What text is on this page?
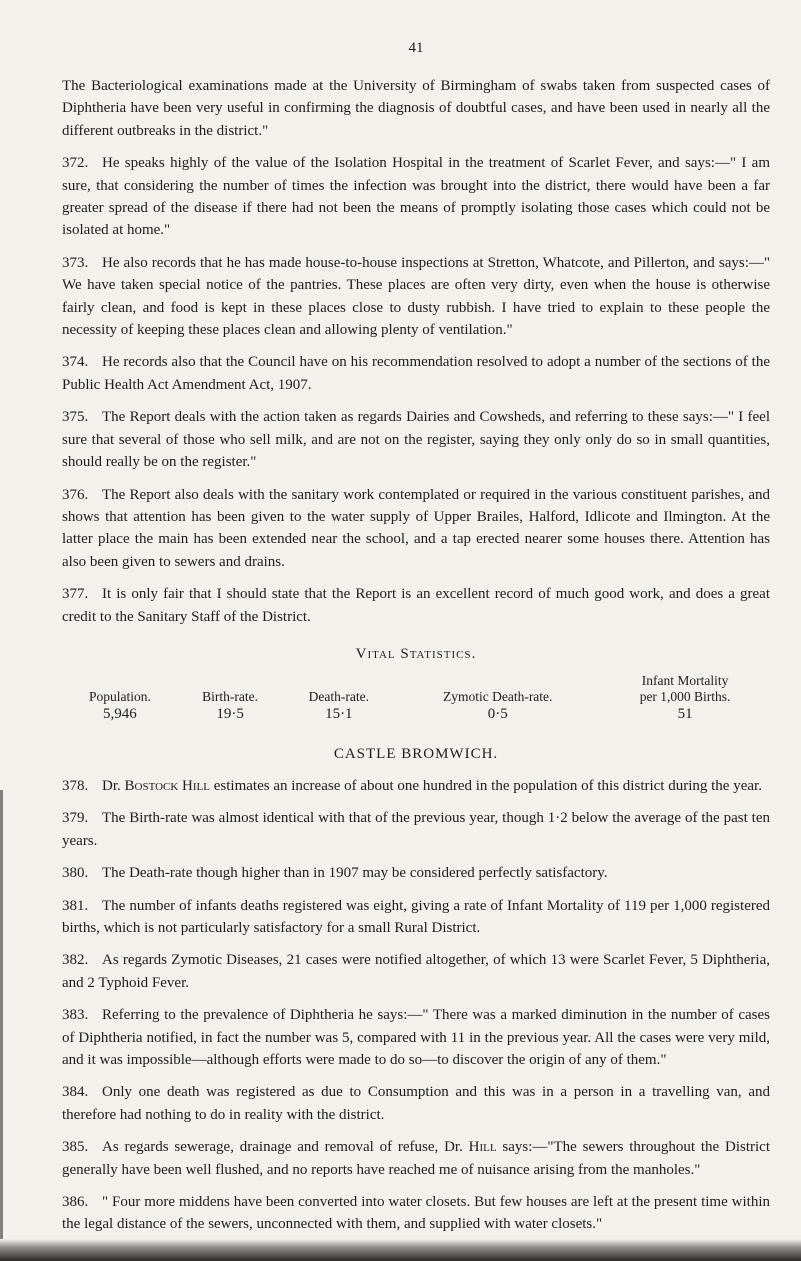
41

The Bacteriological examinations made at the University of Birmingham of swabs taken from suspected cases of Diphtheria have been very useful in confirming the diagnosis of doubtful cases, and have been used in nearly all the different outbreaks in the district."

372. He speaks highly of the value of the Isolation Hospital in the treatment of Scarlet Fever, and says:—" I am sure, that considering the number of times the infection was brought into the district, there would have been a far greater spread of the disease if there had not been the means of promptly isolating those cases which could not be isolated at home."

373. He also records that he has made house-to-house inspections at Stretton, Whatcote, and Pillerton, and says:—" We have taken special notice of the pantries. These places are often very dirty, even when the house is otherwise fairly clean, and food is kept in these places close to dusty rubbish. I have tried to explain to these people the necessity of keeping these places clean and allowing plenty of ventilation."

374. He records also that the Council have on his recommendation resolved to adopt a number of the sections of the Public Health Act Amendment Act, 1907.

375. The Report deals with the action taken as regards Dairies and Cowsheds, and referring to these says:—" I feel sure that several of those who sell milk, and are not on the register, saying they only only do so in small quantities, should really be on the register."

376. The Report also deals with the sanitary work contemplated or required in the various constituent parishes, and shows that attention has been given to the water supply of Upper Brailes, Halford, Idlicote and Ilmington. At the latter place the main has been extended near the school, and a tap erected nearer some houses there. Attention has also been given to sewers and drains.

377. It is only fair that I should state that the Report is an excellent record of much good work, and does a great credit to the Sanitary Staff of the District.

Vital Statistics.
				Infant Mortality
Population.	Birth-rate.	Death-rate.	Zymotic Death-rate.	per 1,000 Births.
5,946	19·5	15·1	0·5	51
CASTLE BROMWICH.

378. Dr. Bostock Hill estimates an increase of about one hundred in the population of this district during the year.

379. The Birth-rate was almost identical with that of the previous year, though 1·2 below the average of the past ten years.

380. The Death-rate though higher than in 1907 may be considered perfectly satisfactory.

381. The number of infants deaths registered was eight, giving a rate of Infant Mortality of 119 per 1,000 registered births, which is not particularly satisfactory for a small Rural District.

382. As regards Zymotic Diseases, 21 cases were notified altogether, of which 13 were Scarlet Fever, 5 Diphtheria, and 2 Typhoid Fever.

383. Referring to the prevalence of Diphtheria he says:—" There was a marked diminution in the number of cases of Diphtheria notified, in fact the number was 5, compared with 11 in the previous year. All the cases were very mild, and it was impossible—although efforts were made to do so—to discover the origin of any of them."

384. Only one death was registered as due to Consumption and this was in a person in a travelling van, and therefore had nothing to do in reality with the district.

385. As regards sewerage, drainage and removal of refuse, Dr. Hill says:—"The sewers throughout the District generally have been well flushed, and no reports have reached me of nuisance arising from the manholes."

386. " Four more middens have been converted into water closets. But few houses are left at the present time within the legal distance of the sewers, unconnected with them, and supplied with water closets."
